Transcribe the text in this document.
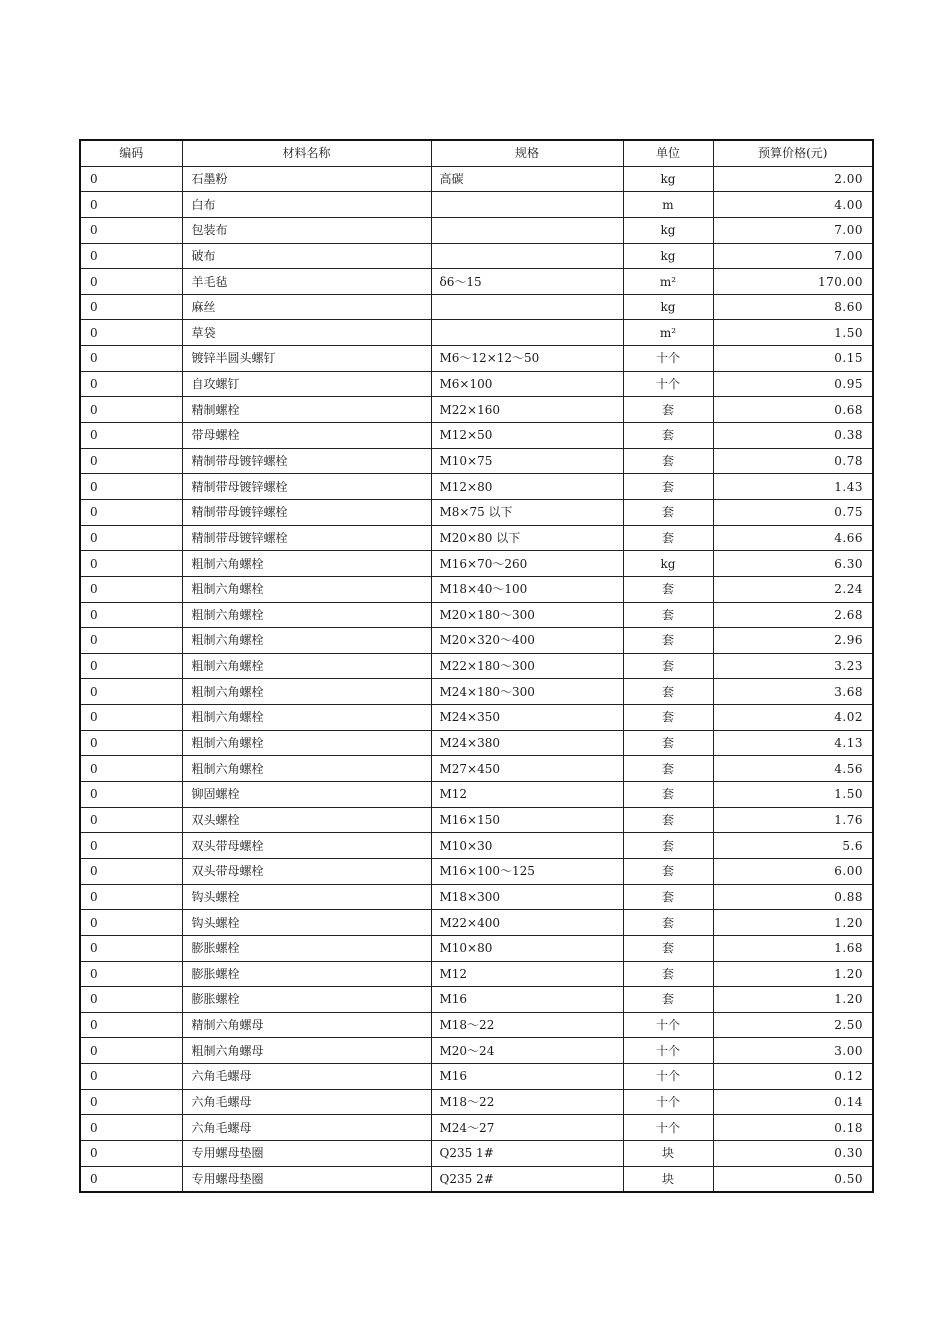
编码	材料名称	规格	单位	预算价格(元)
0	石墨粉	高碳	kg	2.00
0	白布		m	4.00
0	包装布		kg	7.00
0	破布		kg	7.00
0	羊毛毡	δ6～15	m²	170.00
0	麻丝		kg	8.60
0	草袋		m²	1.50
0	镀锌半圆头螺钉	M6～12×12～50	十个	0.15
0	自攻螺钉	M6×100	十个	0.95
0	精制螺栓	M22×160	套	0.68
0	带母螺栓	M12×50	套	0.38
0	精制带母镀锌螺栓	M10×75	套	0.78
0	精制带母镀锌螺栓	M12×80	套	1.43
0	精制带母镀锌螺栓	M8×75 以下	套	0.75
0	精制带母镀锌螺栓	M20×80 以下	套	4.66
0	粗制六角螺栓	M16×70～260	kg	6.30
0	粗制六角螺栓	M18×40～100	套	2.24
0	粗制六角螺栓	M20×180～300	套	2.68
0	粗制六角螺栓	M20×320～400	套	2.96
0	粗制六角螺栓	M22×180～300	套	3.23
0	粗制六角螺栓	M24×180～300	套	3.68
0	粗制六角螺栓	M24×350	套	4.02
0	粗制六角螺栓	M24×380	套	4.13
0	粗制六角螺栓	M27×450	套	4.56
0	铆固螺栓	M12	套	1.50
0	双头螺栓	M16×150	套	1.76
0	双头带母螺栓	M10×30	套	5.6
0	双头带母螺栓	M16×100～125	套	6.00
0	钩头螺栓	M18×300	套	0.88
0	钩头螺栓	M22×400	套	1.20
0	膨胀螺栓	M10×80	套	1.68
0	膨胀螺栓	M12	套	1.20
0	膨胀螺栓	M16	套	1.20
0	精制六角螺母	M18～22	十个	2.50
0	粗制六角螺母	M20～24	十个	3.00
0	六角毛螺母	M16	十个	0.12
0	六角毛螺母	M18～22	十个	0.14
0	六角毛螺母	M24～27	十个	0.18
0	专用螺母垫圈	Q235 1#	块	0.30
0	专用螺母垫圈	Q235 2#	块	0.50
